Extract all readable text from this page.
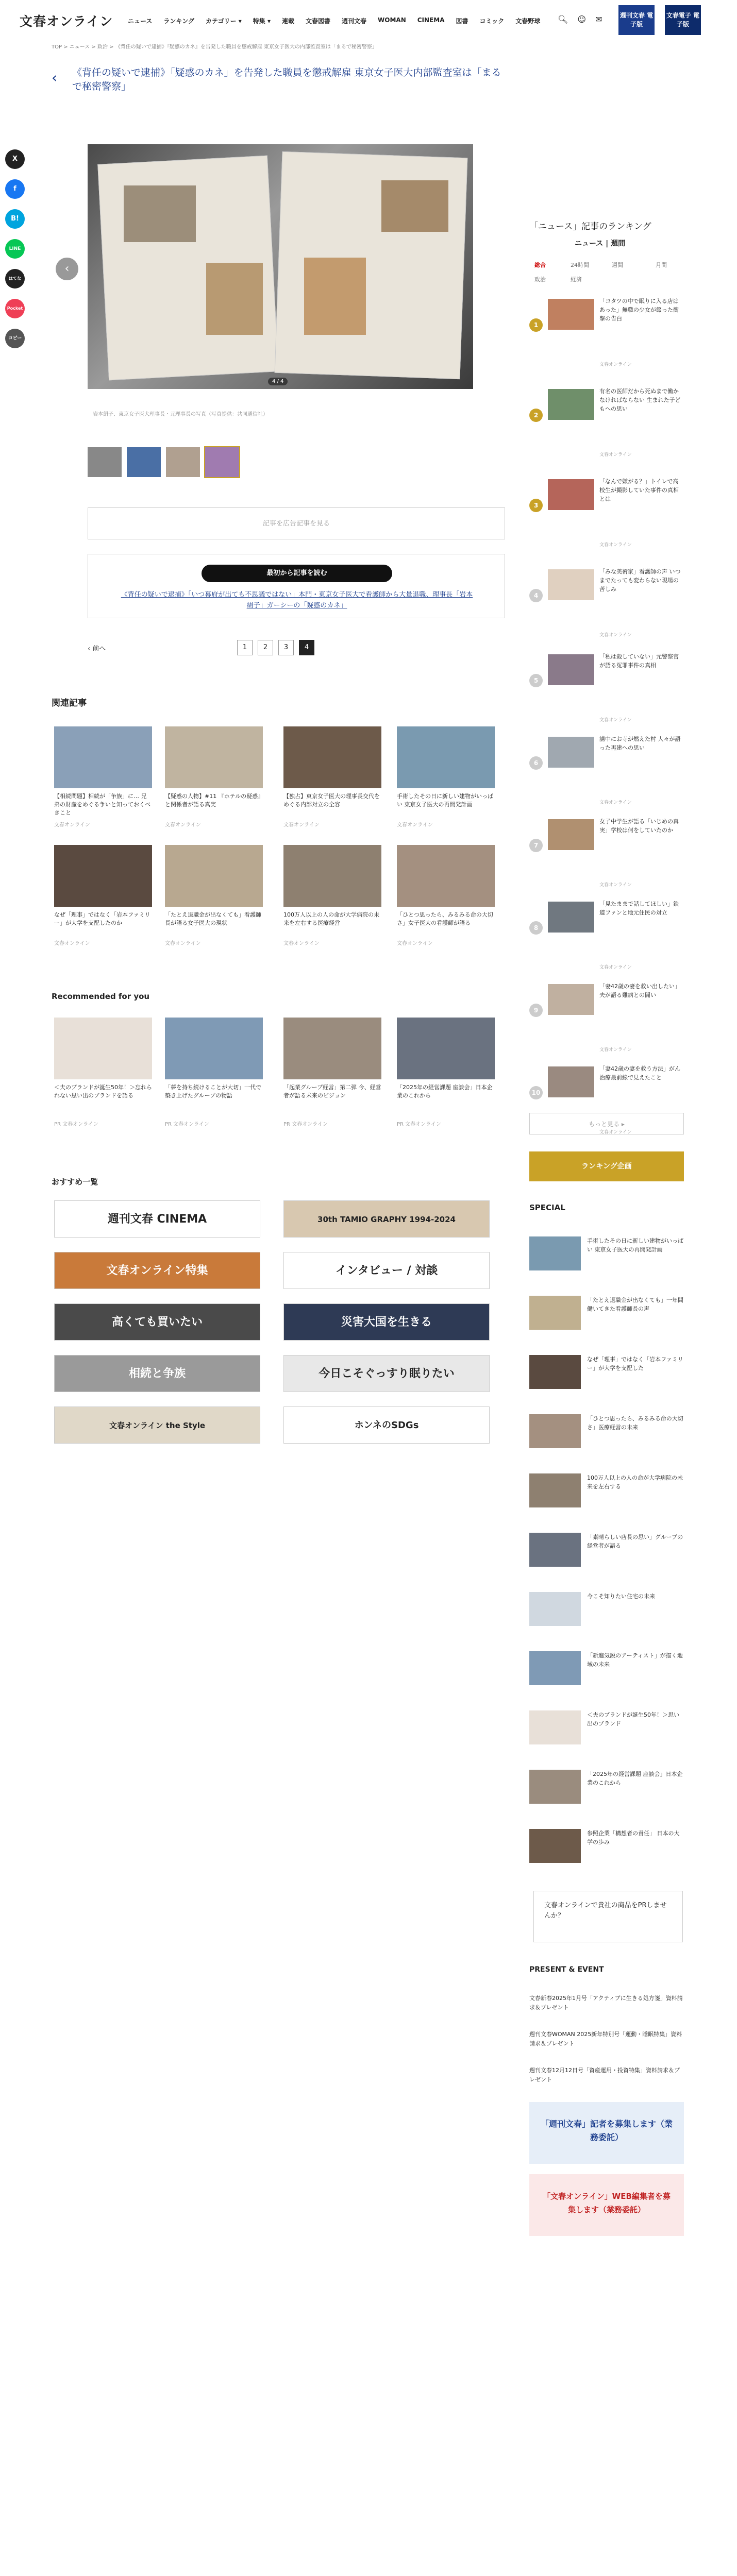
文春オンライン ニュース ランキング カテゴリー ▾ 特集 ▾ 連載 文春図書 週刊文春 WOMAN CINEMA 図書 コミック 文春野球 🔍︎ ☺ ✉	週刊文春 電子版
文春電子 電子版
TOP > ニュース > 政治 > 《背任の疑いで逮捕》『疑惑のカネ』を告発した職員を懲戒解雇 東京女子医大の内部監査室は「まるで秘密警察」
‹ 《背任の疑いで逮捕》「疑惑のカネ」を告発した職員を懲戒解雇 東京女子医大内部監査室は「まるで秘密警察」
X
f
B!
LINE
はてな
Pocket
コピー
‹
4 / 4
岩本絹子、東京女子医大理事長・元理事長の写真（写真提供：共同通信社）
記事を広告記事を見る
最初から記事を読む
《背任の疑いで逮捕》「いつ幕府が出ても不思議ではない」本門・東京女子医大で看護師から大量退職、理事長「岩本絹子」ガーシーの「疑惑のカネ」
‹ 前へ	1	2	3	4
関連記事
【相続問題】相続が「争族」に… 兄弟の財産をめぐる争いと知っておくべきこと
文春オンライン
【疑惑の人物】#11 『ホテルの疑惑』と関係者が語る真実
文春オンライン
【独占】東京女子医大の理事長交代をめぐる内部対立の全容
文春オンライン
手術したその日に新しい建物がいっぱい 東京女子医大の再開発計画
文春オンライン
なぜ「理事」ではなく「岩本ファミリー」が大学を支配したのか
文春オンライン
「たとえ退職金が出なくても」看護師長が語る女子医大の現状
文春オンライン
100万人以上の人の命が大学病院の未来を左右する医療経営
文春オンライン
「ひとつ思ったら、みるみる命の大切さ」女子医大の看護師が語る
文春オンライン
Recommended for you
＜夫のブランドが誕生50年！＞忘れられない思い出のブランドを語る
PR 文春オンライン
「夢を持ち続けることが大切」一代で築き上げたグループの物語
PR 文春オンライン
「起業グループ経営」第二弾 今、経営者が語る未来のビジョン
PR 文春オンライン
「2025年の経営課題 座談会」日本企業のこれから
PR 文春オンライン
おすすめ一覧
週刊文春 CINEMA	30th TAMIO GRAPHY 1994-2024
文春オンライン特集	インタビュー / 対談
高くても買いたい	災害大国を生きる
相続と争族	今日こそぐっすり眠りたい
文春オンライン the Style	ホンネのSDGs
「ニュース」記事のランキング
ニュース | 週間
総合	24時間	週間	月間
政治	経済
1
「コタツの中で眠りに入る店はあった」無職の少女が綴った衝撃の告白
文春オンライン
2
有名の医師だから死ぬまで働かなければならない 生まれた子どもへの思い
文春オンライン
3
「なんで嫌がる？」トイレで高校生が撮影していた事件の真相とは
文春オンライン
4
「みな美術家」看護師の声 いつまでたっても変わらない現場の苦しみ
文春オンライン
5
「私は殺していない」元警察官が語る冤罪事件の真相
文春オンライン
6
講中にお寺が燃えた村 人々が語った再建への思い
文春オンライン
7
女子中学生が語る「いじめの真実」学校は何をしていたのか
文春オンライン
8
「見たままで話してほしい」鉄道ファンと地元住民の対立
文春オンライン
9
「妻42歳の妻を救い出したい」夫が語る難病との闘い
文春オンライン
10
「妻42歳の妻を救う方法」がん治療最前線で見えたこと
文春オンライン
もっと見る ▸
ランキング企画
SPECIAL
手術したその日に新しい建物がいっぱい 東京女子医大の再開発計画
「たとえ退職金が出なくても」一年間働いてきた看護師長の声
なぜ「理事」ではなく「岩本ファミリー」が大学を支配した
「ひとつ思ったら、みるみる命の大切さ」医療経営の未来
100万人以上の人の命が大学病院の未来を左右する
「素晴らしい店長の思い」グループの経営者が語る
今こそ知りたい住宅の未来
「新進気鋭のアーティスト」が描く地域の未来
＜夫のブランドが誕生50年！＞思い出のブランド
「2025年の経営課題 座談会」日本企業のこれから
参照企業「構想者の責任」 日本の大学の歩み
文春オンラインで貴社の商品をPRしませんか？
PRESENT & EVENT
文春新春2025年1月号「アクティブに生きる処方箋」資料請求＆プレゼント
週刊文春WOMAN 2025新年特別号「運動・睡眠特集」資料請求＆プレゼント
週刊文春12月12日号「資産運用・投資特集」資料請求＆プレゼント
「週刊文春」記者を募集します（業務委託）
「文春オンライン」WEB編集者を募集します（業務委託）
